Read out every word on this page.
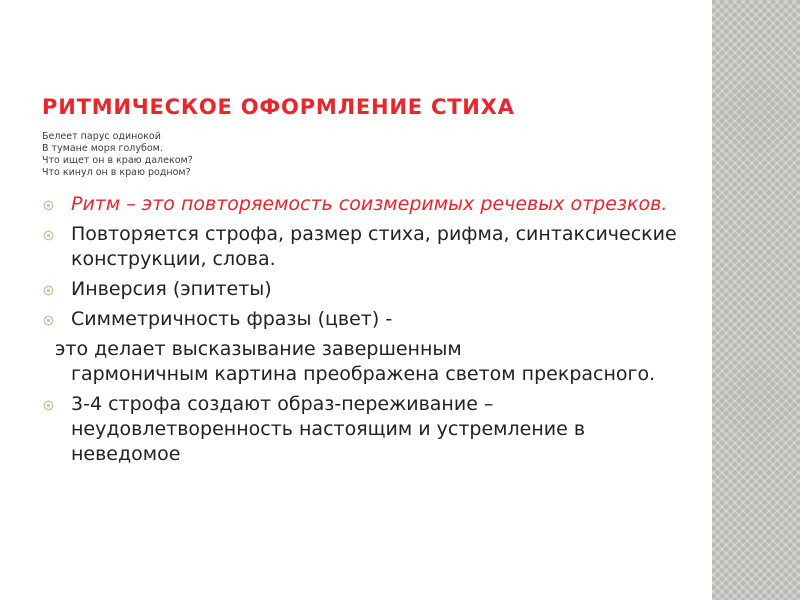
РИТМИЧЕСКОЕ ОФОРМЛЕНИЕ СТИХА
Белеет парус одинокой
В тумане моря голубом.
Что ищет он в краю далеком?
Что кинул он в краю родном?
Ритм – это повторяемость соизмеримых речевых отрезков.
Повторяется строфа, размер стиха, рифма, синтаксические конструкции, слова.
Инверсия (эпитеты)
Симметричность фразы (цвет) -
это делает высказывание завершенным
гармоничным картина преображена светом прекрасного.
3-4 строфа создают образ-переживание – неудовлетворенность настоящим и устремление в неведомое
